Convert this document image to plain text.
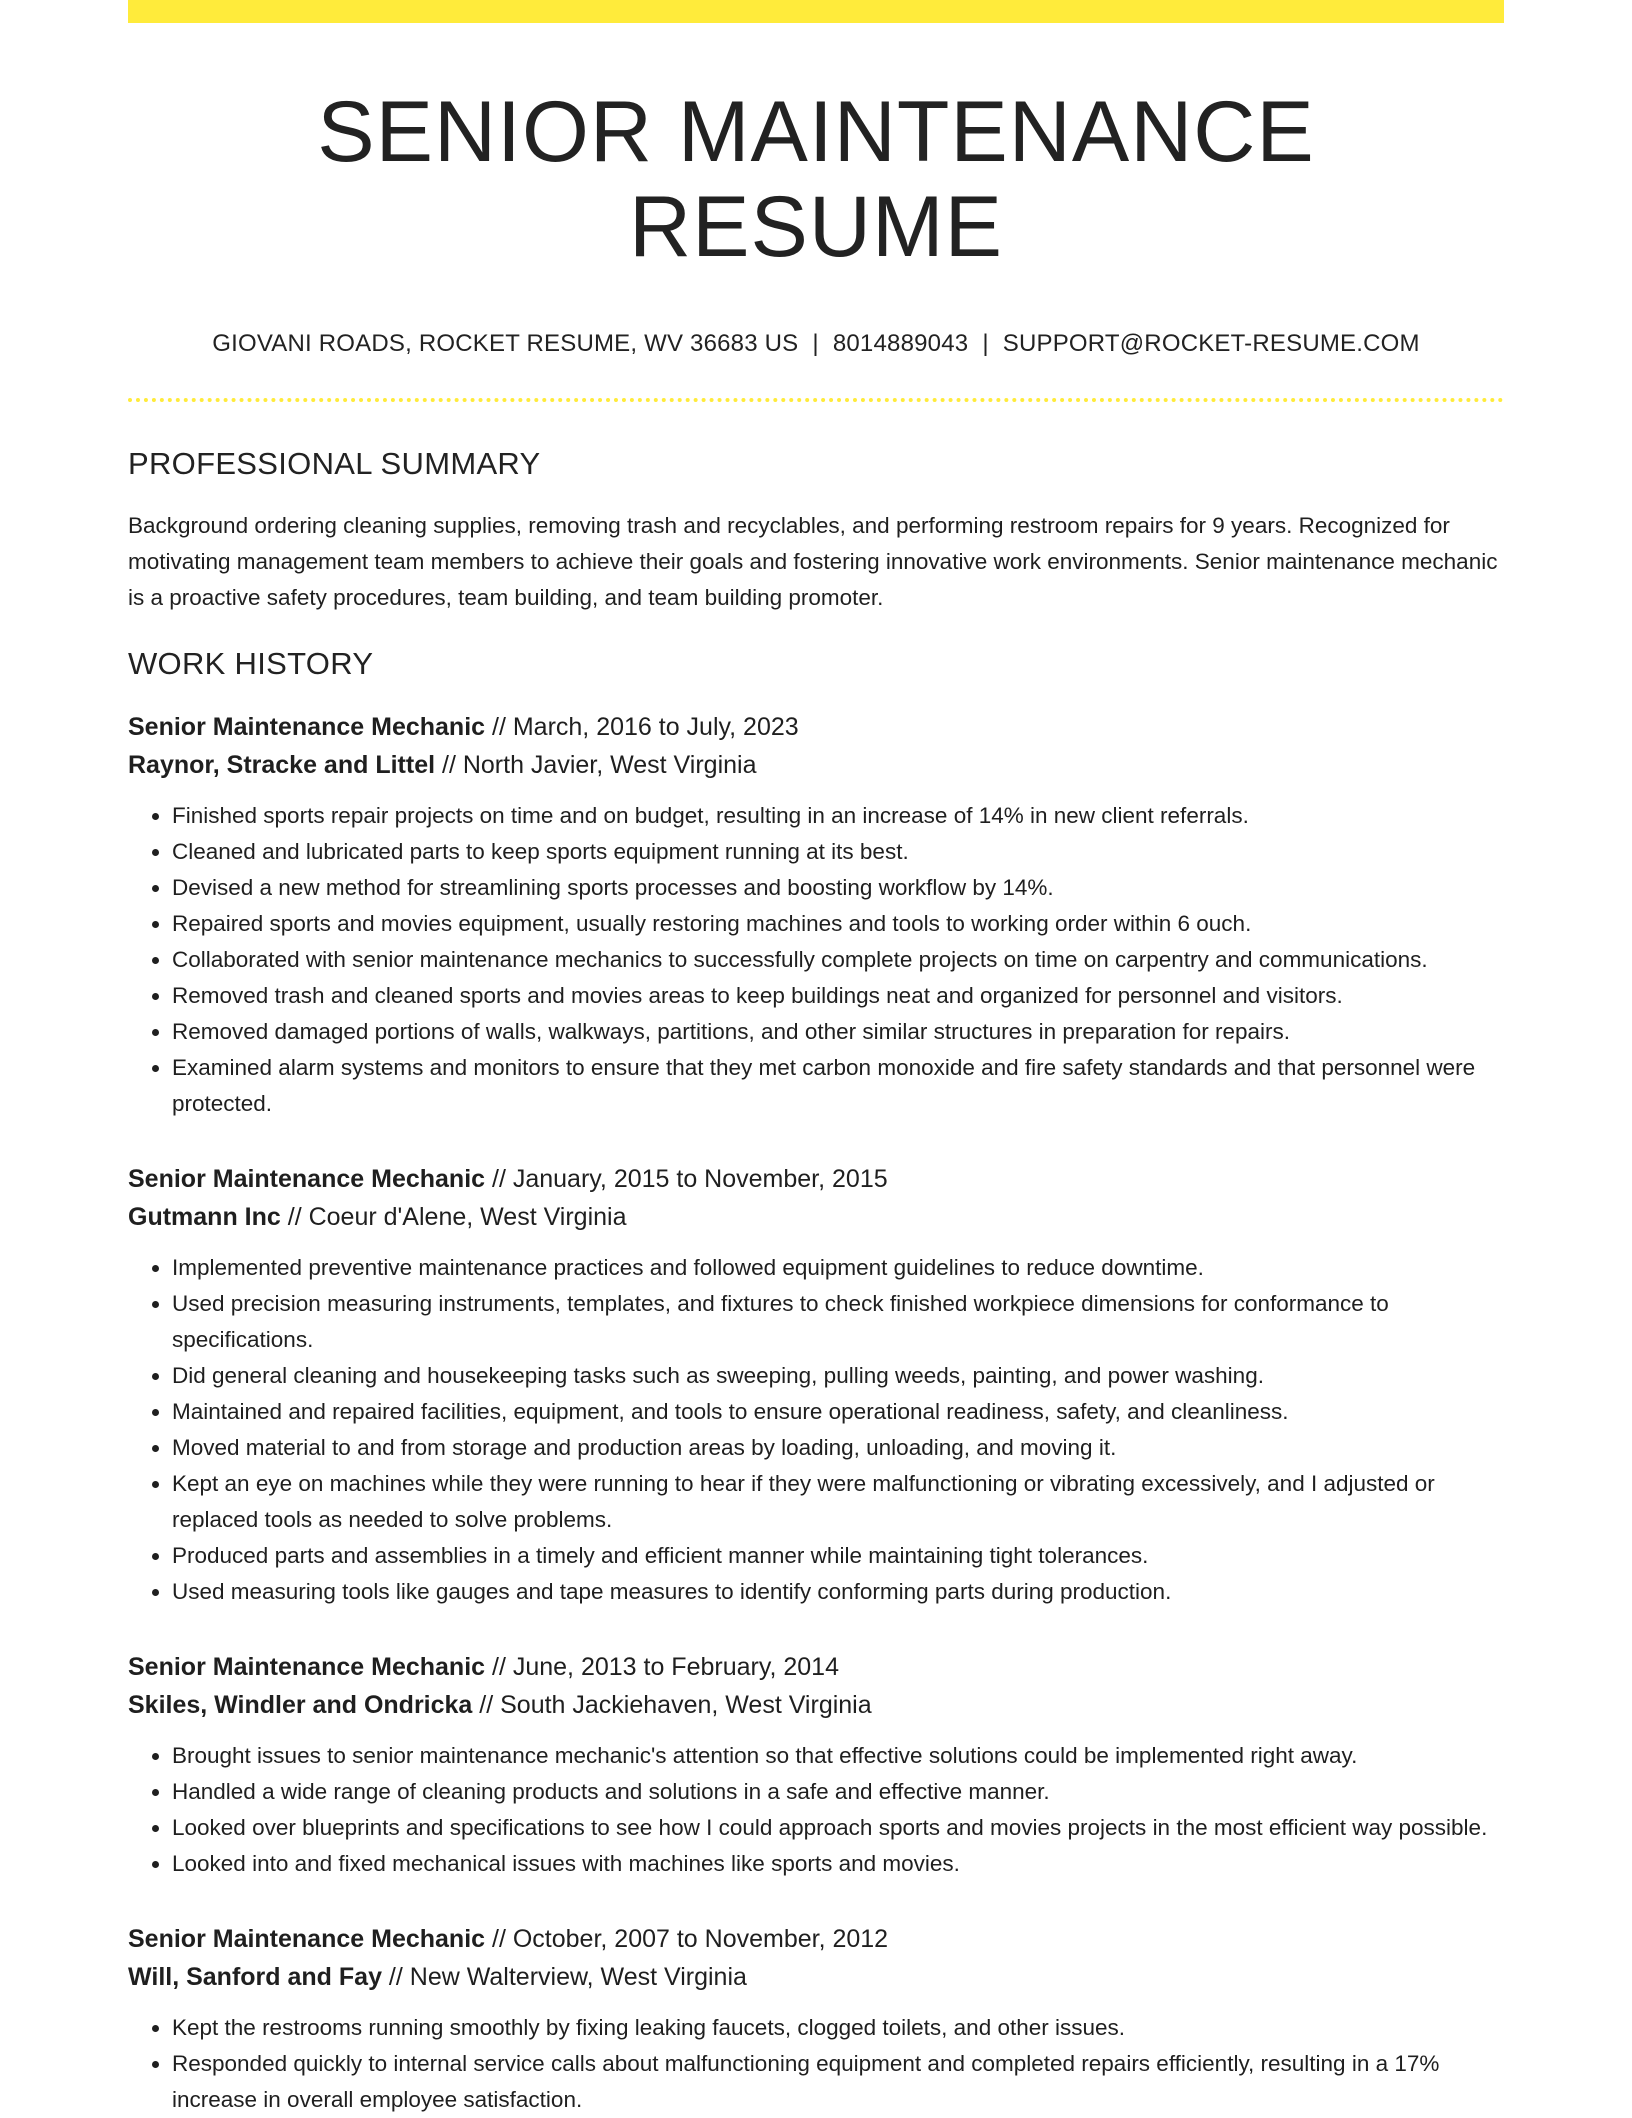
SENIOR MAINTENANCE RESUME
GIOVANI ROADS, ROCKET RESUME, WV 36683 US | 8014889043 | SUPPORT@ROCKET-RESUME.COM
PROFESSIONAL SUMMARY

Background ordering cleaning supplies, removing trash and recyclables, and performing restroom repairs for 9 years. Recognized for motivating management team members to achieve their goals and fostering innovative work environments. Senior maintenance mechanic is a proactive safety procedures, team building, and team building promoter.

WORK HISTORY
Senior Maintenance Mechanic // March, 2016 to July, 2023
Raynor, Stracke and Littel // North Javier, West Virginia
• Finished sports repair projects on time and on budget, resulting in an increase of 14% in new client referrals.
• Cleaned and lubricated parts to keep sports equipment running at its best.
• Devised a new method for streamlining sports processes and boosting workflow by 14%.
• Repaired sports and movies equipment, usually restoring machines and tools to working order within 6 ouch.
• Collaborated with senior maintenance mechanics to successfully complete projects on time on carpentry and communications.
• Removed trash and cleaned sports and movies areas to keep buildings neat and organized for personnel and visitors.
• Removed damaged portions of walls, walkways, partitions, and other similar structures in preparation for repairs.
• Examined alarm systems and monitors to ensure that they met carbon monoxide and fire safety standards and that personnel were protected.
Senior Maintenance Mechanic // January, 2015 to November, 2015
Gutmann Inc // Coeur d'Alene, West Virginia
• Implemented preventive maintenance practices and followed equipment guidelines to reduce downtime.
• Used precision measuring instruments, templates, and fixtures to check finished workpiece dimensions for conformance to specifications.
• Did general cleaning and housekeeping tasks such as sweeping, pulling weeds, painting, and power washing.
• Maintained and repaired facilities, equipment, and tools to ensure operational readiness, safety, and cleanliness.
• Moved material to and from storage and production areas by loading, unloading, and moving it.
• Kept an eye on machines while they were running to hear if they were malfunctioning or vibrating excessively, and I adjusted or replaced tools as needed to solve problems.
• Produced parts and assemblies in a timely and efficient manner while maintaining tight tolerances.
• Used measuring tools like gauges and tape measures to identify conforming parts during production.
Senior Maintenance Mechanic // June, 2013 to February, 2014
Skiles, Windler and Ondricka // South Jackiehaven, West Virginia
• Brought issues to senior maintenance mechanic's attention so that effective solutions could be implemented right away.
• Handled a wide range of cleaning products and solutions in a safe and effective manner.
• Looked over blueprints and specifications to see how I could approach sports and movies projects in the most efficient way possible.
• Looked into and fixed mechanical issues with machines like sports and movies.
Senior Maintenance Mechanic // October, 2007 to November, 2012
Will, Sanford and Fay // New Walterview, West Virginia
• Kept the restrooms running smoothly by fixing leaking faucets, clogged toilets, and other issues.
• Responded quickly to internal service calls about malfunctioning equipment and completed repairs efficiently, resulting in a 17% increase in overall employee satisfaction.
